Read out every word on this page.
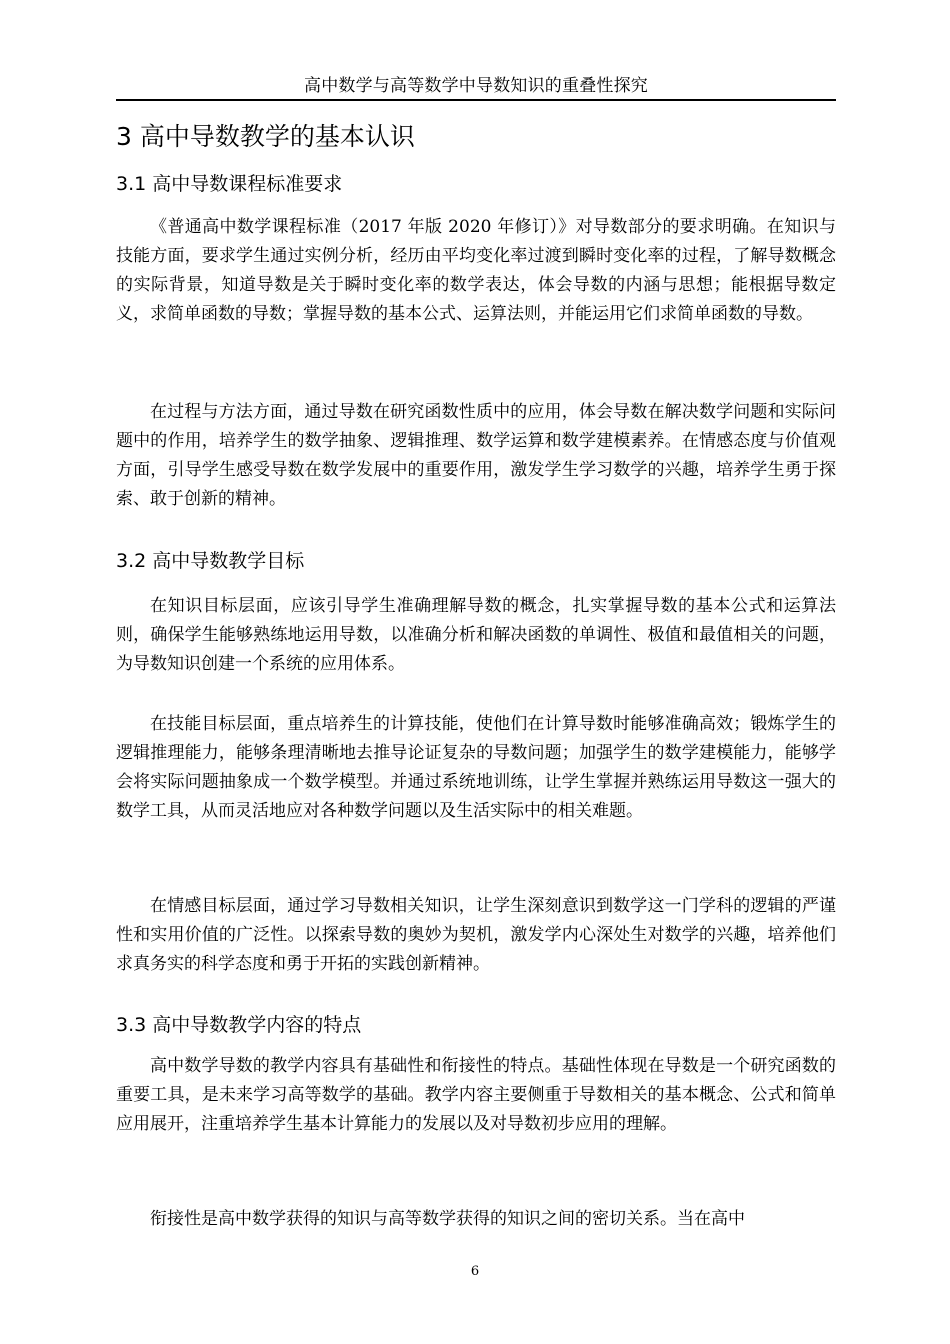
高中数学与高等数学中导数知识的重叠性探究
3 高中导数教学的基本认识
3.1 高中导数课程标准要求

《普通高中数学课程标准（2017 年版 2020 年修订）》对导数部分的要求明确。在知识与技能方面，要求学生通过实例分析，经历由平均变化率过渡到瞬时变化率的过程，了解导数概念的实际背景，知道导数是关于瞬时变化率的数学表达，体会导数的内涵与思想；能根据导数定义，求简单函数的导数；掌握导数的基本公式、运算法则，并能运用它们求简单函数的导数。

在过程与方法方面，通过导数在研究函数性质中的应用，体会导数在解决数学问题和实际问题中的作用，培养学生的数学抽象、逻辑推理、数学运算和数学建模素养。在情感态度与价值观方面，引导学生感受导数在数学发展中的重要作用，激发学生学习数学的兴趣，培养学生勇于探索、敢于创新的精神。

3.2 高中导数教学目标

在知识目标层面，应该引导学生准确理解导数的概念，扎实掌握导数的基本公式和运算法则，确保学生能够熟练地运用导数，以准确分析和解决函数的单调性、极值和最值相关的问题，为导数知识创建一个系统的应用体系。

在技能目标层面，重点培养生的计算技能，使他们在计算导数时能够准确高效；锻炼学生的逻辑推理能力，能够条理清晰地去推导论证复杂的导数问题；加强学生的数学建模能力，能够学会将实际问题抽象成一个数学模型。并通过系统地训练，让学生掌握并熟练运用导数这一强大的数学工具，从而灵活地应对各种数学问题以及生活实际中的相关难题。

在情感目标层面，通过学习导数相关知识，让学生深刻意识到数学这一门学科的逻辑的严谨性和实用价值的广泛性。以探索导数的奥妙为契机，激发学内心深处生对数学的兴趣，培养他们求真务实的科学态度和勇于开拓的实践创新精神。

3.3 高中导数教学内容的特点

高中数学导数的教学内容具有基础性和衔接性的特点。基础性体现在导数是一个研究函数的重要工具，是未来学习高等数学的基础。教学内容主要侧重于导数相关的基本概念、公式和简单应用展开，注重培养学生基本计算能力的发展以及对导数初步应用的理解。

衔接性是高中数学获得的知识与高等数学获得的知识之间的密切关系。当在高中

6
